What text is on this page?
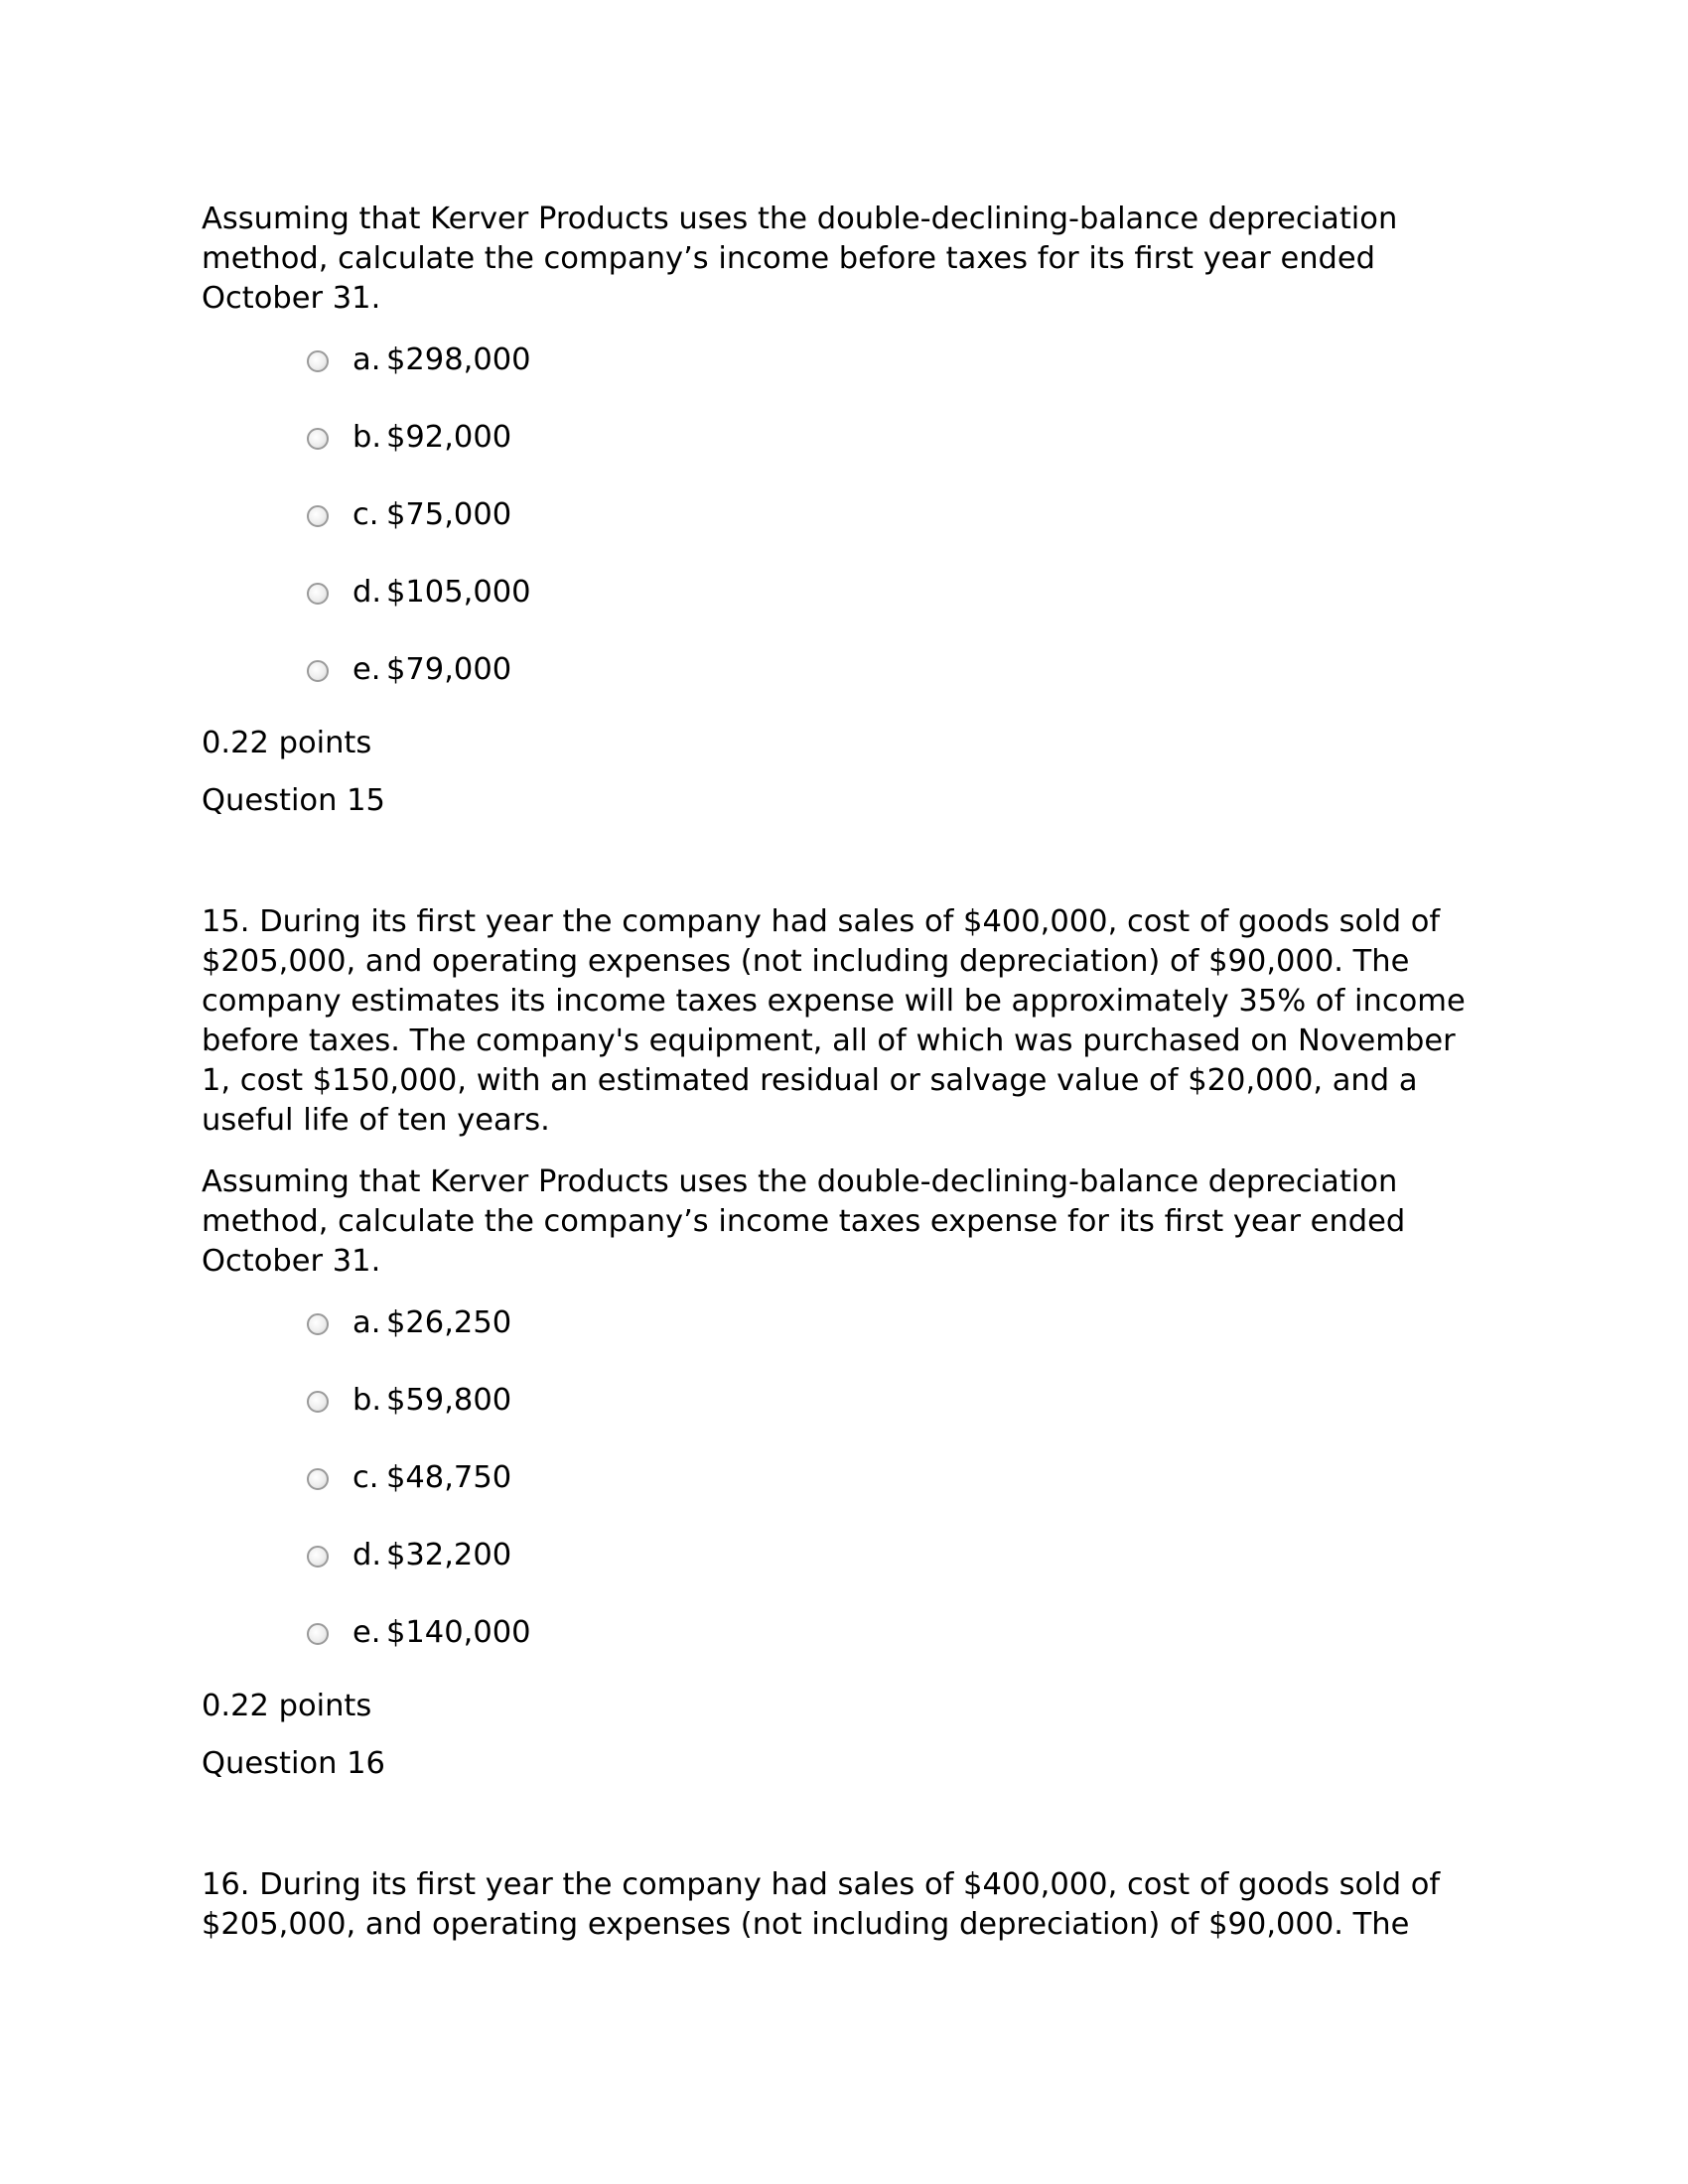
Assuming that Kerver Products uses the double-declining-balance depreciation method, calculate the company’s income before taxes for its first year ended October 31.

a. $298,000
b. $92,000
c. $75,000
d. $105,000
e. $79,000

0.22 points

Question 15

15. During its first year the company had sales of $400,000, cost of goods sold of $205,000, and operating expenses (not including depreciation) of $90,000. The company estimates its income taxes expense will be approximately 35% of income before taxes. The company's equipment, all of which was purchased on November 1, cost $150,000, with an estimated residual or salvage value of $20,000, and a useful life of ten years.

Assuming that Kerver Products uses the double-declining-balance depreciation method, calculate the company’s income taxes expense for its first year ended October 31.

a. $26,250
b. $59,800
c. $48,750
d. $32,200
e. $140,000

0.22 points

Question 16

16. During its first year the company had sales of $400,000, cost of goods sold of $205,000, and operating expenses (not including depreciation) of $90,000. The
